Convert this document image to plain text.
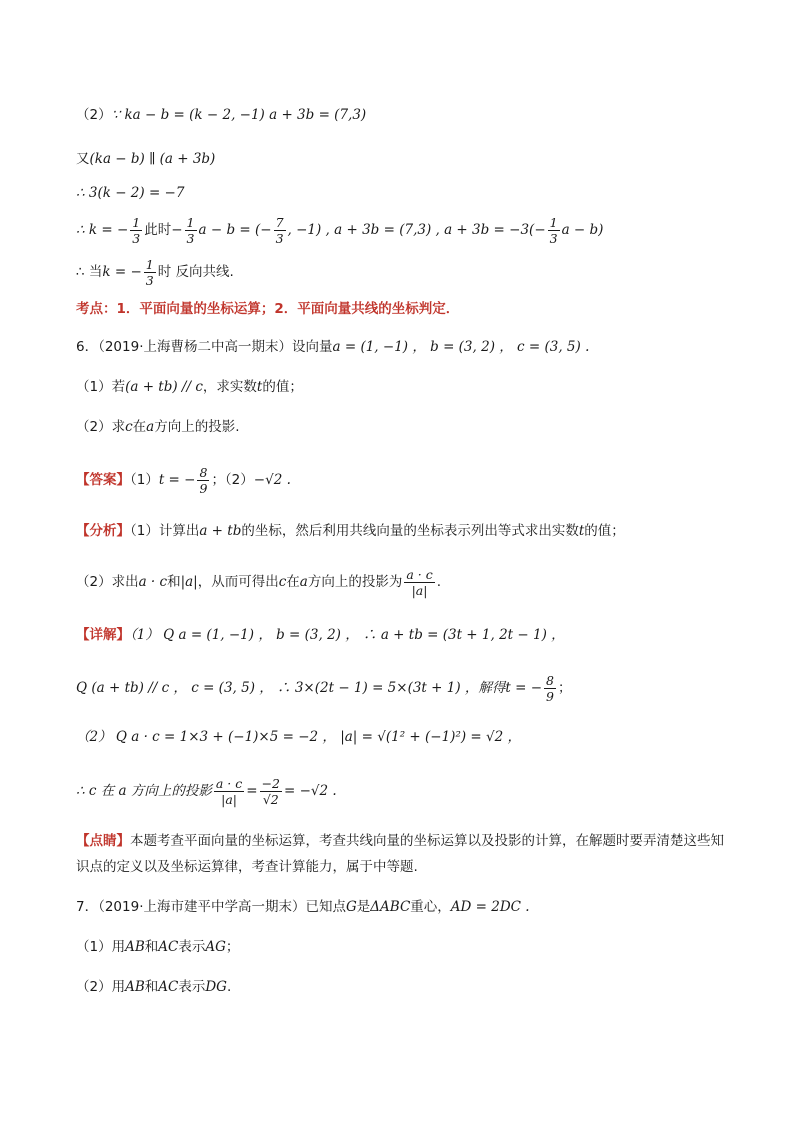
（2）∵ ka − b = (k − 2, −1) a + 3b = (7,3)
又(ka − b) ∥ (a + 3b)
∴ 3(k − 2) = −7
∴ k = − $\frac{1}{3}$ 此时− $\frac{1}{3}$ a − b = (− $\frac{7}{3}$ , −1) , a + 3b = (7,3) , $a + 3b = -3(- \frac{1}{3}$ a − b)
∴ 当k = − $\frac{1}{3}$ 时 反向共线.
考点：1．平面向量的坐标运算；2．平面向量共线的坐标判定．
6．（2019·上海曹杨二中高一期末）设向量a = (1, −1) ， b = (3, 2) ， c = (3, 5) .
（1）若(a + tb) // c，求实数t的值；
（2）求c在a方向上的投影.
【答案】（1）t = − $\frac{8}{9}$ ；（2）−√2 .
【分析】（1）计算出a + tb的坐标，然后利用共线向量的坐标表示列出等式求出实数t的值；
（2）求出a · c和|a|，从而可得出c在a方向上的投影为 $\frac{a \cdot c}{|a|}$ .
【详解】（1） Q a = (1, −1) ， b = (3, 2) ， ∴ a + tb = (3t + 1, 2t − 1) ，
Q (a + tb) // c ， c = (3, 5) ， ∴ 3×(2t − 1) = 5×(3t + 1) ，解得t = − $\frac{8}{9}$ ；
（2） Q a · c = 1×3 + (−1)×5 = −2 ， |a| = √(1² + (−1)²) = √2 ，
∴ c 在 a 方向上的投影 $\frac{a \cdot c}{|a|} = \frac{-2}{√2} = -√2$ .
【点睛】本题考查平面向量的坐标运算，考查共线向量的坐标运算以及投影的计算，在解题时要弄清楚这些知识点的定义以及坐标运算律，考查计算能力，属于中等题.
7．（2019·上海市建平中学高一期末）已知点G是ΔABC重心，AD = 2DC .
（1）用AB和AC表示AG；
（2）用AB和AC表示DG.
